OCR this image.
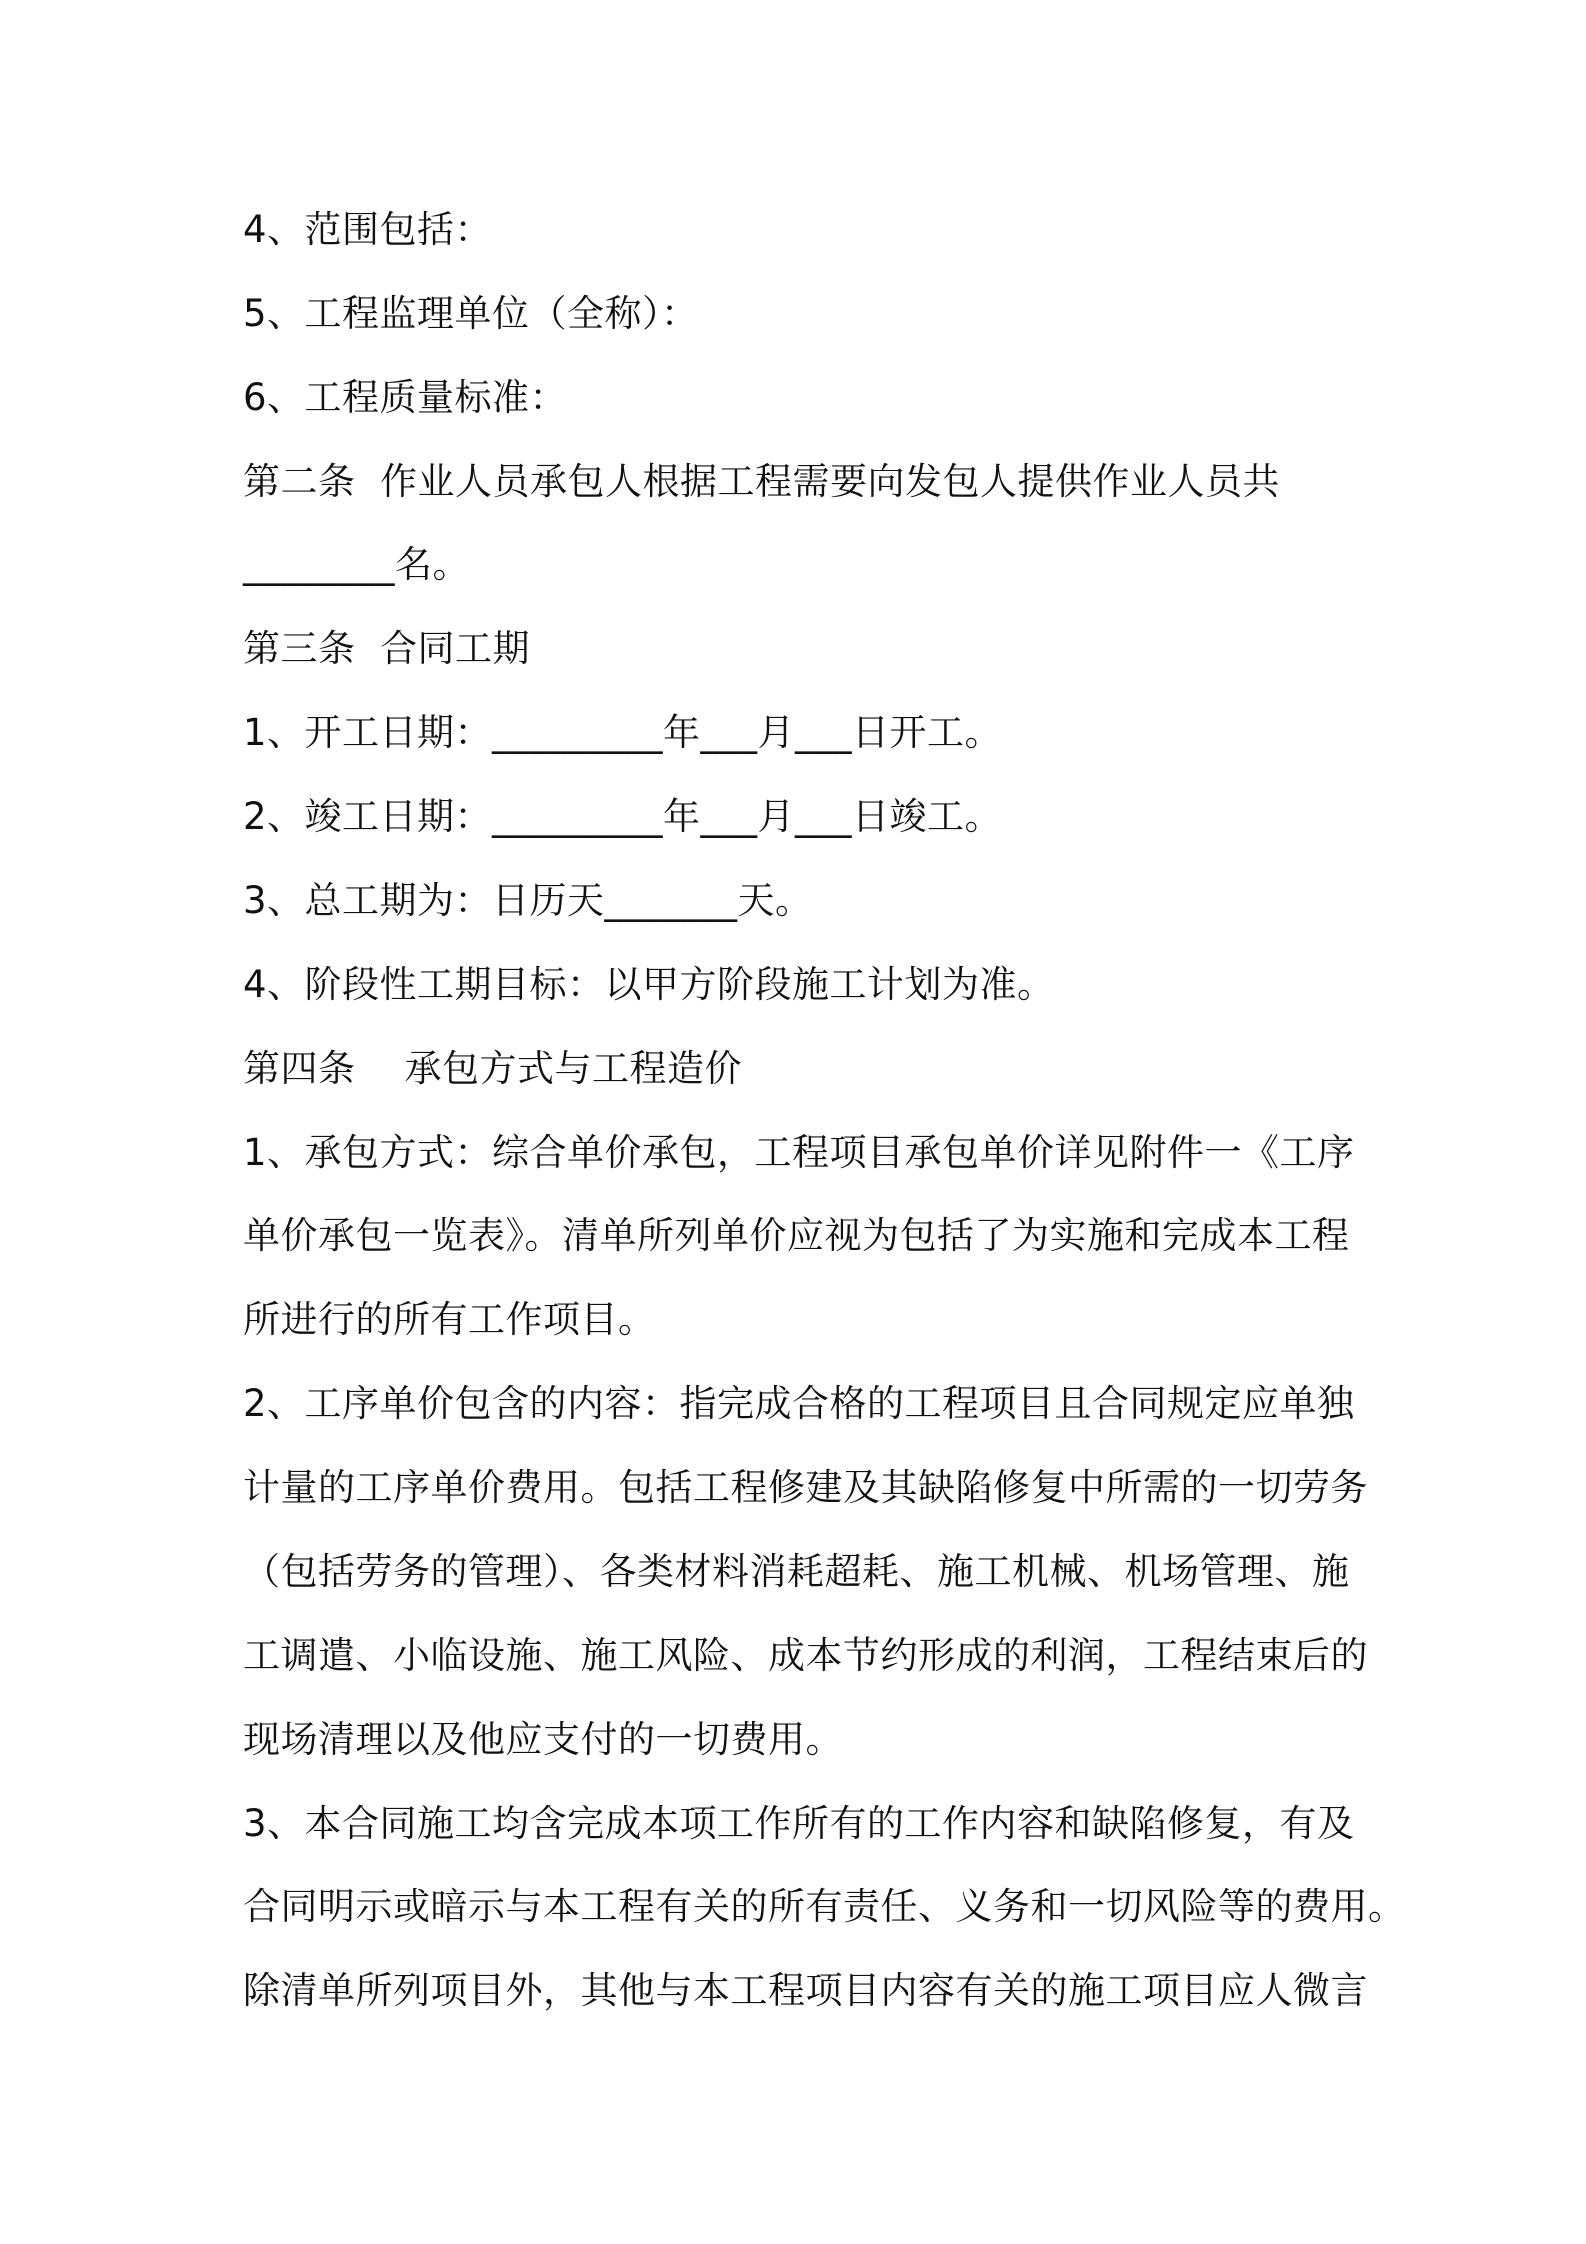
4、范围包括：
5、工程监理单位（全称）：
6、工程质量标准：
第二条  作业人员承包人根据工程需要向发包人提供作业人员共
________名。
第三条  合同工期
1、开工日期：_________年___月___日开工。
2、竣工日期：_________年___月___日竣工。
3、总工期为：日历天_______天。
4、阶段性工期目标：以甲方阶段施工计划为准。
第四条    承包方式与工程造价
1、承包方式：综合单价承包，工程项目承包单价详见附件一《工序
单价承包一览表》。清单所列单价应视为包括了为实施和完成本工程
所进行的所有工作项目。
2、工序单价包含的内容：指完成合格的工程项目且合同规定应单独
计量的工序单价费用。包括工程修建及其缺陷修复中所需的一切劳务
（包括劳务的管理）、各类材料消耗超耗、施工机械、机场管理、施
工调遣、小临设施、施工风险、成本节约形成的利润，工程结束后的
现场清理以及他应支付的一切费用。
3、本合同施工均含完成本项工作所有的工作内容和缺陷修复，有及
合同明示或暗示与本工程有关的所有责任、义务和一切风险等的费用。
除清单所列项目外，其他与本工程项目内容有关的施工项目应人微言
